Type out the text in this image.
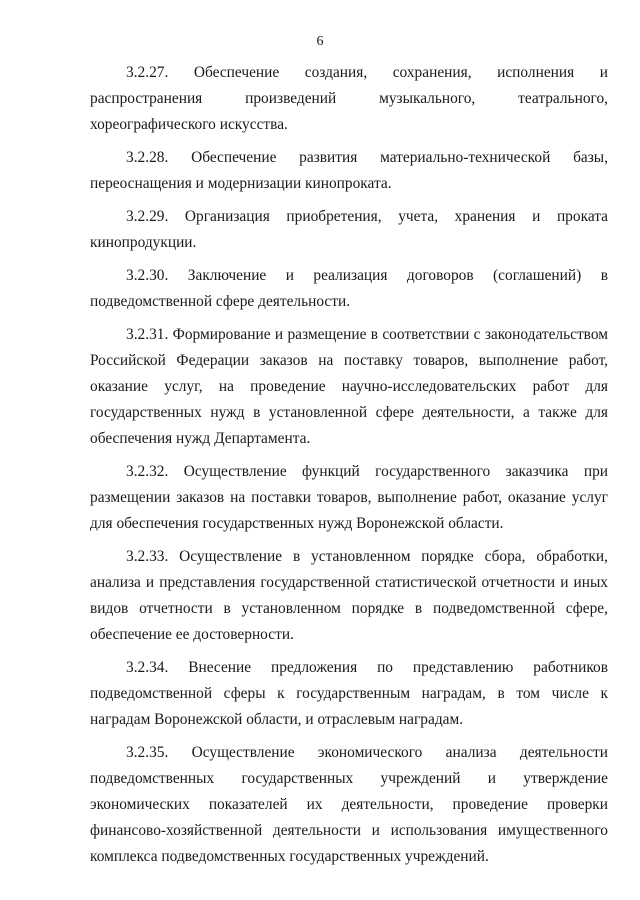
6

3.2.27. Обеспечение создания, сохранения, исполнения и распространения произведений музыкального, театрального, хореографического искусства.

3.2.28. Обеспечение развития материально-технической базы, переоснащения и модернизации кинопроката.

3.2.29. Организация приобретения, учета, хранения и проката кинопродукции.

3.2.30. Заключение и реализация договоров (соглашений) в подведомственной сфере деятельности.

3.2.31. Формирование и размещение в соответствии с законодательством Российской Федерации заказов на поставку товаров, выполнение работ, оказание услуг, на проведение научно-исследовательских работ для государственных нужд в установленной сфере деятельности, а также для обеспечения нужд Департамента.

3.2.32. Осуществление функций государственного заказчика при размещении заказов на поставки товаров, выполнение работ, оказание услуг для обеспечения государственных нужд Воронежской области.

3.2.33. Осуществление в установленном порядке сбора, обработки, анализа и представления государственной статистической отчетности и иных видов отчетности в установленном порядке в подведомственной сфере, обеспечение ее достоверности.

3.2.34. Внесение предложения по представлению работников подведомственной сферы к государственным наградам, в том числе к наградам Воронежской области, и отраслевым наградам.

3.2.35. Осуществление экономического анализа деятельности подведомственных государственных учреждений и утверждение экономических показателей их деятельности, проведение проверки финансово-хозяйственной деятельности и использования имущественного комплекса подведомственных государственных учреждений.
